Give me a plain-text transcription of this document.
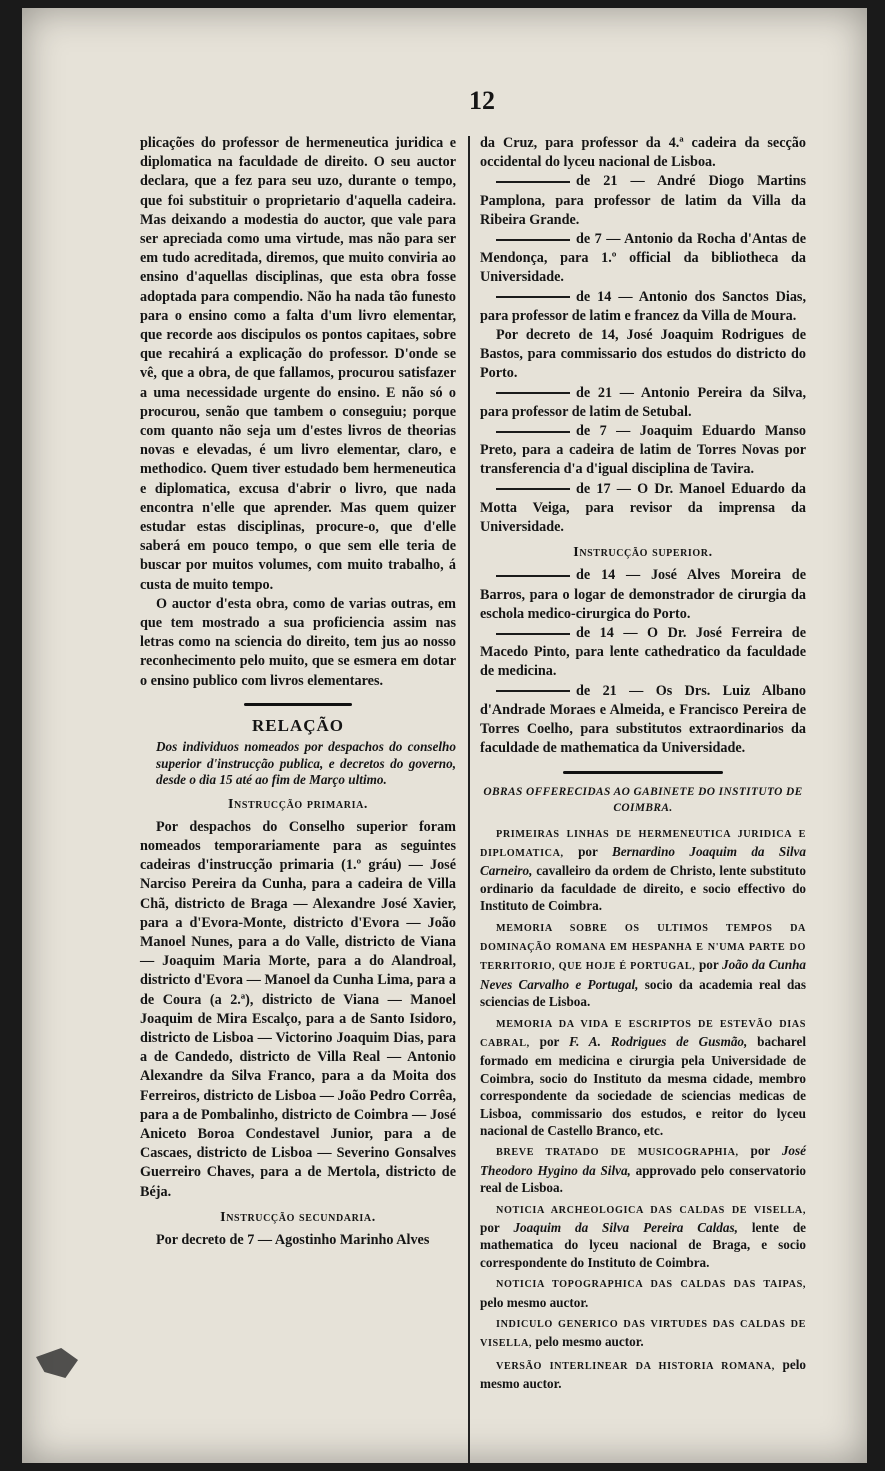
12

plicações do professor de hermeneutica juridica e diplomatica na faculdade de direito. O seu auctor declara, que a fez para seu uzo, durante o tempo, que foi substituir o proprietario d'aquella cadeira. Mas deixando a modestia do auctor, que vale para ser apreciada como uma virtude, mas não para ser em tudo acreditada, diremos, que muito conviria ao ensino d'aquellas disciplinas, que esta obra fosse adoptada para compendio. Não ha nada tão funesto para o ensino como a falta d'um livro elementar, que recorde aos discipulos os pontos capitaes, sobre que recahirá a explicação do professor. D'onde se vê, que a obra, de que fallamos, procurou satisfazer a uma necessidade urgente do ensino. E não só o procurou, senão que tambem o conseguiu; porque com quanto não seja um d'estes livros de theorias novas e elevadas, é um livro elementar, claro, e methodico. Quem tiver estudado bem hermeneutica e diplomatica, excusa d'abrir o livro, que nada encontra n'elle que aprender. Mas quem quizer estudar estas disciplinas, procure-o, que d'elle saberá em pouco tempo, o que sem elle teria de buscar por muitos volumes, com muito trabalho, á custa de muito tempo.

O auctor d'esta obra, como de varias outras, em que tem mostrado a sua proficiencia assim nas letras como na sciencia do direito, tem jus ao nosso reconhecimento pelo muito, que se esmera em dotar o ensino publico com livros elementares.

RELAÇÃO

Dos individuos nomeados por despachos do conselho superior d'instrucção publica, e decretos do governo, desde o dia 15 até ao fim de Março ultimo.

Instrucção primaria.

Por despachos do Conselho superior foram nomeados temporariamente para as seguintes cadeiras d'instrucção primaria (1.º gráu) — José Narciso Pereira da Cunha, para a cadeira de Villa Chã, districto de Braga — Alexandre José Xavier, para a d'Evora-Monte, districto d'Evora — João Manoel Nunes, para a do Valle, districto de Viana — Joaquim Maria Morte, para a do Alandroal, districto d'Evora — Manoel da Cunha Lima, para a de Coura (a 2.ª), districto de Viana — Manoel Joaquim de Mira Escalço, para a de Santo Isidoro, districto de Lisboa — Victorino Joaquim Dias, para a de Candedo, districto de Villa Real — Antonio Alexandre da Silva Franco, para a da Moita dos Ferreiros, districto de Lisboa — João Pedro Corrêa, para a de Pombalinho, districto de Coimbra — José Aniceto Boroa Condestavel Junior, para a de Cascaes, districto de Lisboa — Severino Gonsalves Guerreiro Chaves, para a de Mertola, districto de Béja.

Instrucção secundaria.

Por decreto de 7 — Agostinho Marinho Alves

da Cruz, para professor da 4.ª cadeira da secção occidental do lyceu nacional de Lisboa.

de 21 — André Diogo Martins Pamplona, para professor de latim da Villa da Ribeira Grande.

de 7 — Antonio da Rocha d'Antas de Mendonça, para 1.º official da bibliotheca da Universidade.

de 14 — Antonio dos Sanctos Dias, para professor de latim e francez da Villa de Moura.

Por decreto de 14, José Joaquim Rodrigues de Bastos, para commissario dos estudos do districto do Porto.

de 21 — Antonio Pereira da Silva, para professor de latim de Setubal.

de 7 — Joaquim Eduardo Manso Preto, para a cadeira de latim de Torres Novas por transferencia d'a d'igual disciplina de Tavira.

de 17 — O Dr. Manoel Eduardo da Motta Veiga, para revisor da imprensa da Universidade.

Instrucção superior.

de 14 — José Alves Moreira de Barros, para o logar de demonstrador de cirurgia da eschola medico-cirurgica do Porto.

de 14 — O Dr. José Ferreira de Macedo Pinto, para lente cathedratico da faculdade de medicina.

de 21 — Os Drs. Luiz Albano d'Andrade Moraes e Almeida, e Francisco Pereira de Torres Coelho, para substitutos extraordinarios da faculdade de mathematica da Universidade.

OBRAS OFFERECIDAS AO GABINETE DO INSTITUTO DE COIMBRA.

PRIMEIRAS LINHAS DE HERMENEUTICA JURIDICA E DIPLOMATICA, por Bernardino Joaquim da Silva Carneiro, cavalleiro da ordem de Christo, lente substituto ordinario da faculdade de direito, e socio effectivo do Instituto de Coimbra.

MEMORIA SOBRE OS ULTIMOS TEMPOS DA DOMINAÇÃO ROMANA EM HESPANHA E N'UMA PARTE DO TERRITORIO, QUE HOJE É PORTUGAL, por João da Cunha Neves Carvalho e Portugal, socio da academia real das sciencias de Lisboa.

MEMORIA DA VIDA E ESCRIPTOS DE ESTEVÃO DIAS CABRAL, por F. A. Rodrigues de Gusmão, bacharel formado em medicina e cirurgia pela Universidade de Coimbra, socio do Instituto da mesma cidade, membro correspondente da sociedade de sciencias medicas de Lisboa, commissario dos estudos, e reitor do lyceu nacional de Castello Branco, etc.

BREVE TRATADO DE MUSICOGRAPHIA, por José Theodoro Hygino da Silva, approvado pelo conservatorio real de Lisboa.

NOTICIA ARCHEOLOGICA DAS CALDAS DE VISELLA, por Joaquim da Silva Pereira Caldas, lente de mathematica do lyceu nacional de Braga, e socio correspondente do Instituto de Coimbra.

NOTICIA TOPOGRAPHICA DAS CALDAS DAS TAIPAS, pelo mesmo auctor.

INDICULO GENERICO DAS VIRTUDES DAS CALDAS DE VISELLA, pelo mesmo auctor.

VERSÃO INTERLINEAR DA HISTORIA ROMANA, pelo mesmo auctor.
